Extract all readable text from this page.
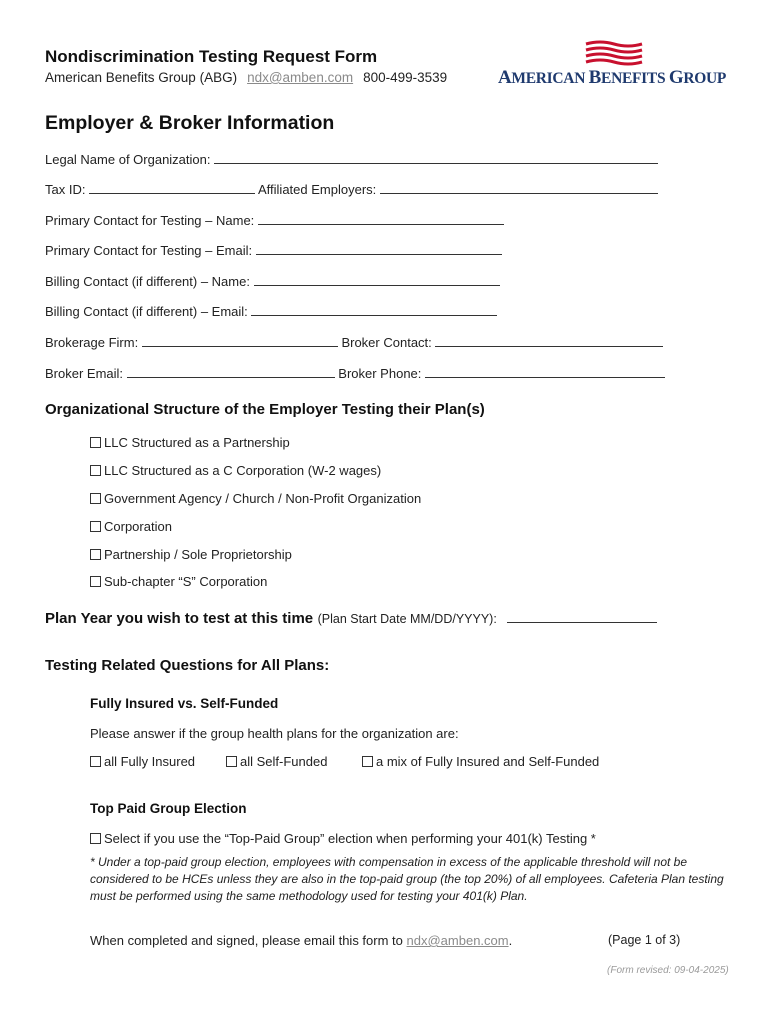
Nondiscrimination Testing Request Form
American Benefits Group (ABG) ndx@amben.com 800-499-3539	AMERICAN BENEFITS GROUP
Employer & Broker Information
Legal Name of Organization:
Tax ID:	Affiliated Employers:
Primary Contact for Testing – Name:
Primary Contact for Testing – Email:
Billing Contact (if different) – Name:
Billing Contact (if different) – Email:
Brokerage Firm:	Broker Contact:
Broker Email:	Broker Phone:
Organizational Structure of the Employer Testing their Plan(s)
LLC Structured as a Partnership
LLC Structured as a C Corporation (W-2 wages)
Government Agency / Church / Non-Profit Organization
Corporation
Partnership / Sole Proprietorship
Sub-chapter “S” Corporation
Plan Year you wish to test at this time (Plan Start Date MM/DD/YYYY):
Testing Related Questions for All Plans:
Fully Insured vs. Self-Funded
Please answer if the group health plans for the organization are:
all Fully Insured	all Self-Funded	a mix of Fully Insured and Self-Funded
Top Paid Group Election
Select if you use the “Top-Paid Group” election when performing your 401(k) Testing *
* Under a top-paid group election, employees with compensation in excess of the applicable threshold will not be considered to be HCEs unless they are also in the top-paid group (the top 20%) of all employees. Cafeteria Plan testing must be performed using the same methodology used for testing your 401(k) Plan.
When completed and signed, please email this form to ndx@amben.com.	(Page 1 of 3)
(Form revised: 09-04-2025)
